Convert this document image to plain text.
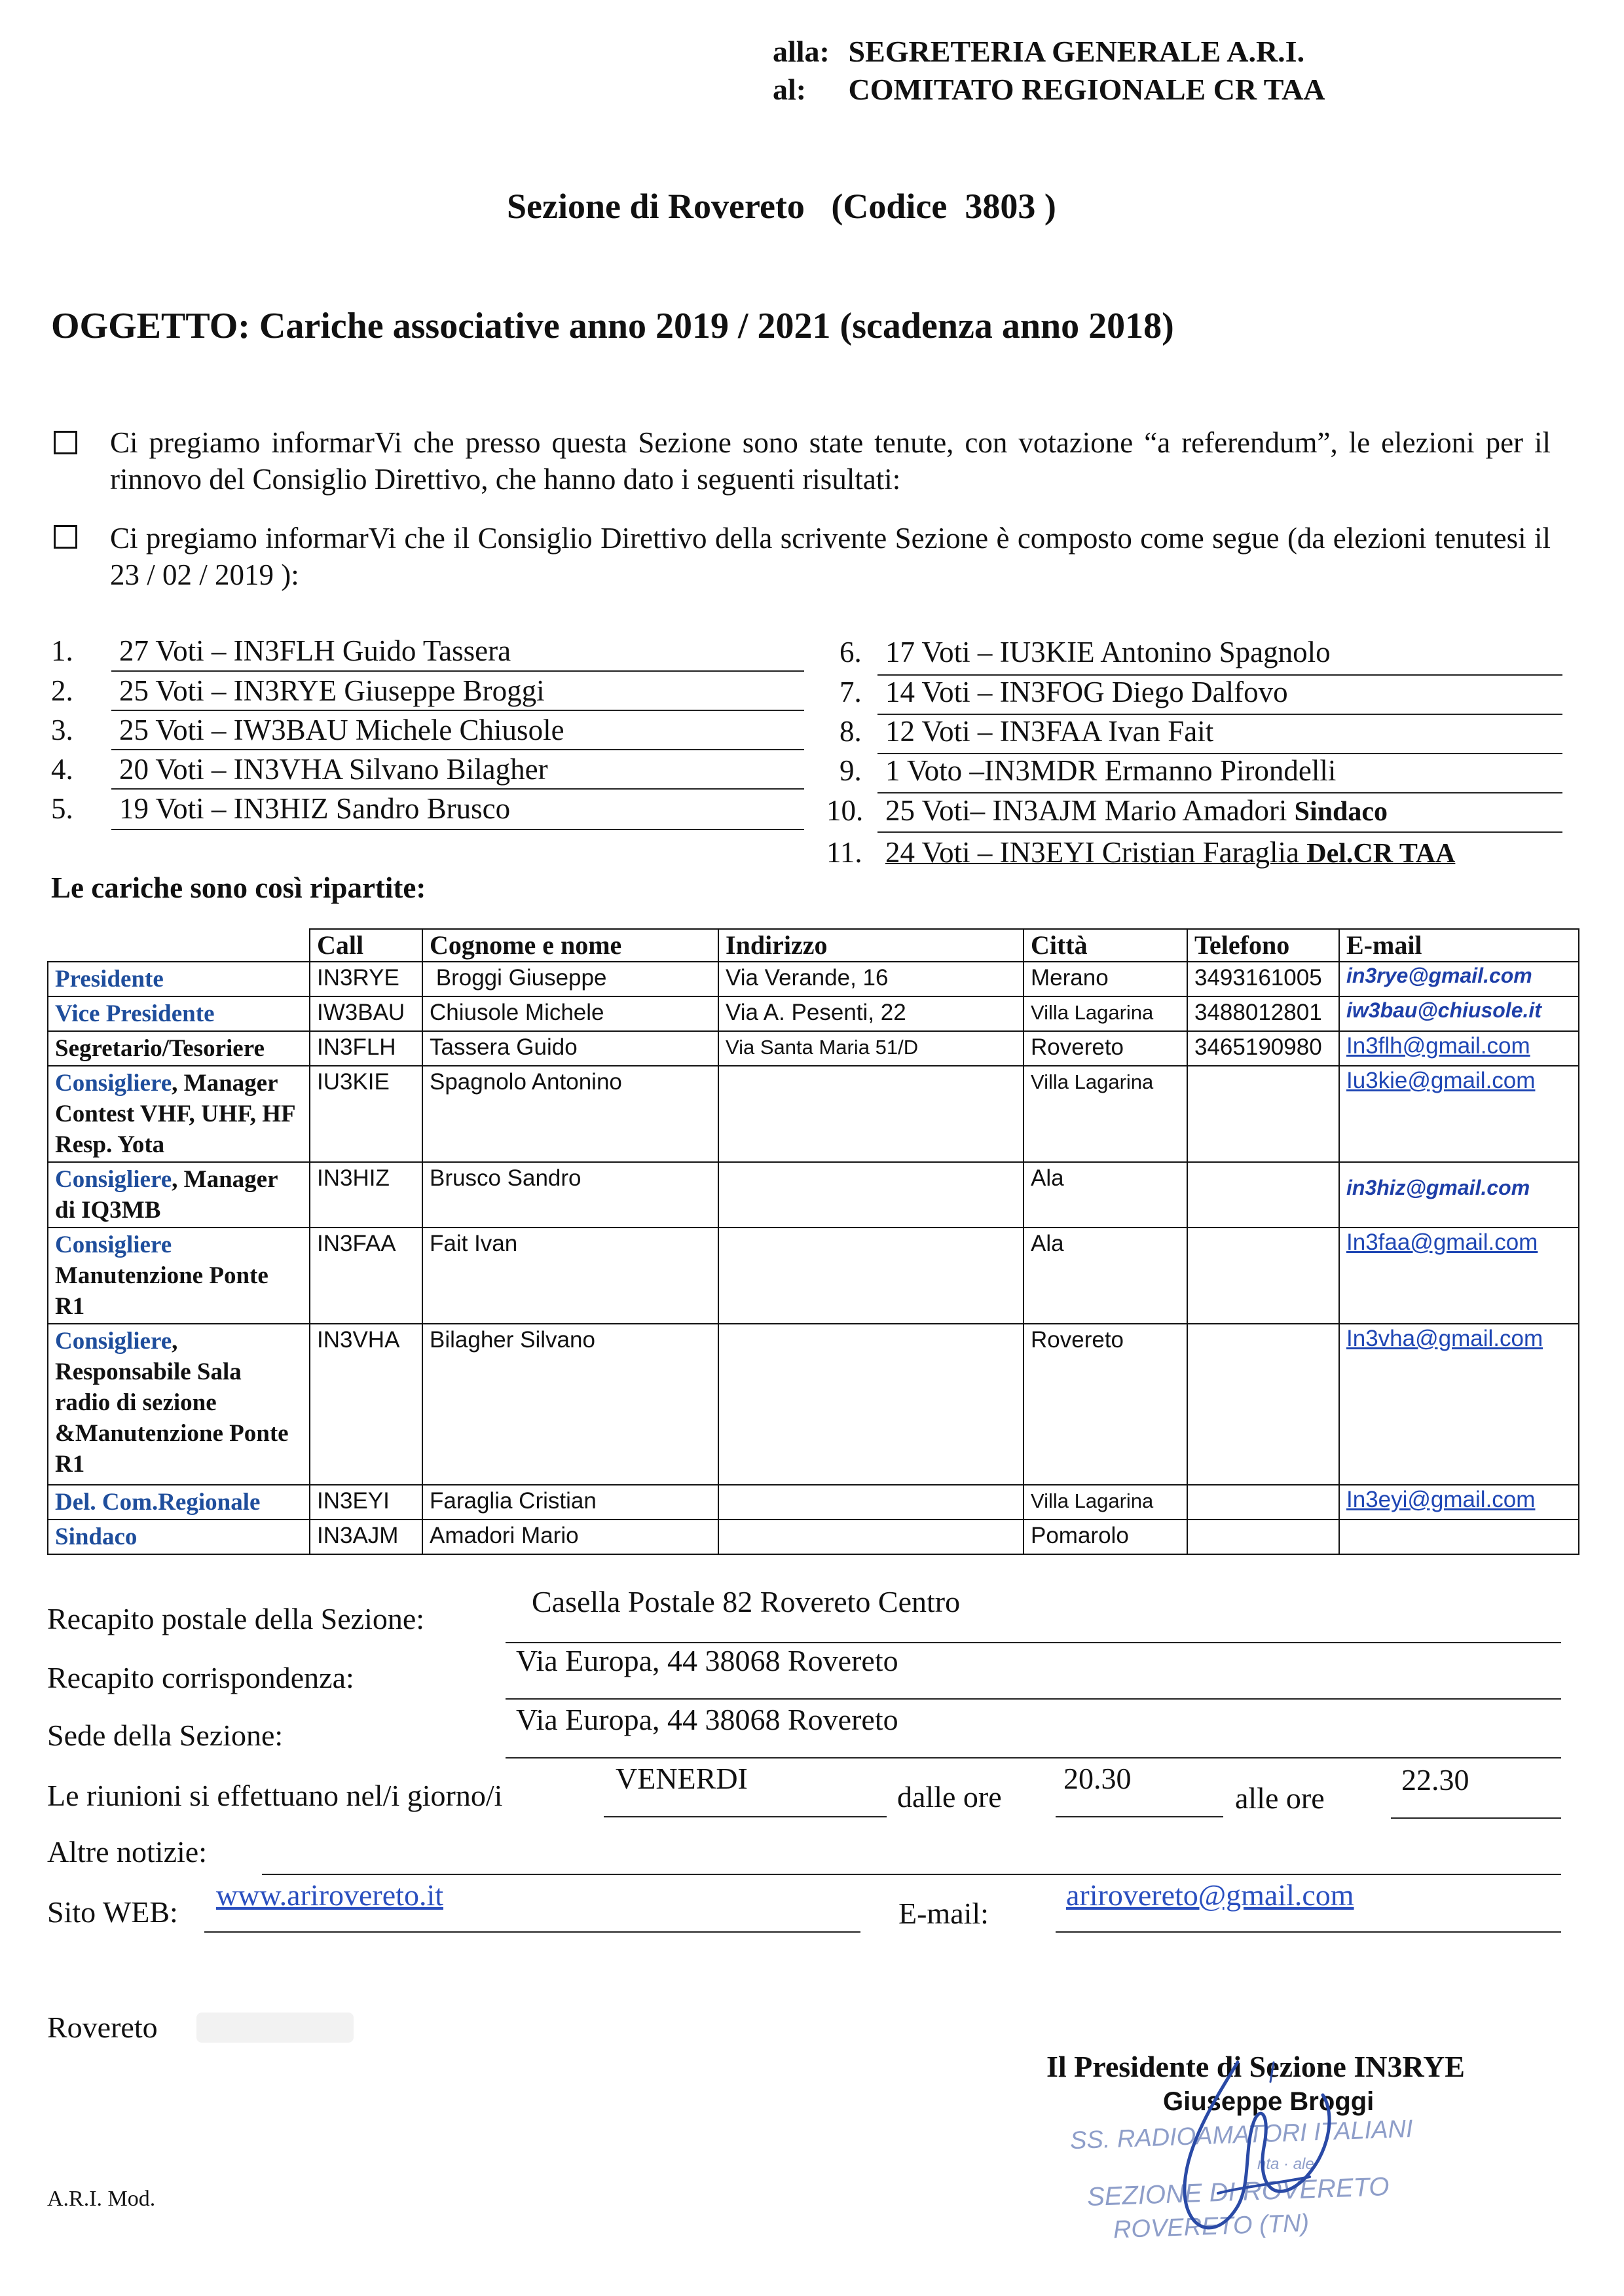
alla: SEGRETERIA GENERALE A.R.I.
al: COMITATO REGIONALE CR TAA
Sezione di Rovereto   (Codice  3803 )
OGGETTO: Cariche associative anno 2019 / 2021 (scadenza anno 2018)
Ci pregiamo informarVi che presso questa Sezione sono state tenute, con votazione “a referendum”, le elezioni per il rinnovo del Consiglio Direttivo, che hanno dato i seguenti risultati:
Ci pregiamo informarVi che il Consiglio Direttivo della scrivente Sezione è composto come segue (da elezioni tenutesi il 23 / 02 / 2019 ):
1. 27 Voti – IN3FLH Guido Tassera
2. 25 Voti – IN3RYE Giuseppe Broggi
3. 25 Voti – IW3BAU Michele Chiusole
4. 20 Voti – IN3VHA Silvano Bilagher
5. 19 Voti – IN3HIZ Sandro Brusco
6. 17 Voti – IU3KIE Antonino Spagnolo
7. 14 Voti – IN3FOG Diego Dalfovo
8. 12 Voti – IN3FAA Ivan Fait
9. 1 Voto –IN3MDR Ermanno Pirondelli
10. 25 Voti– IN3AJM Mario Amadori Sindaco
11. 24 Voti – IN3EYI Cristian Faraglia Del.CR TAA
Le cariche sono così ripartite:
	Call	Cognome e nome	Indirizzo	Città	Telefono	E-mail
Presidente	IN3RYE	Broggi Giuseppe	Via Verande, 16	Merano	3493161005	in3rye@gmail.com
Vice Presidente	IW3BAU	Chiusole Michele	Via A. Pesenti, 22	Villa Lagarina	3488012801	iw3bau@chiusole.it
Segretario/Tesoriere	IN3FLH	Tassera Guido	Via Santa Maria 51/D	Rovereto	3465190980	In3flh@gmail.com
Consigliere, Manager Contest VHF, UHF, HF Resp. Yota	IU3KIE	Spagnolo Antonino		Villa Lagarina		Iu3kie@gmail.com
Consigliere, Manager di IQ3MB	IN3HIZ	Brusco Sandro		Ala		in3hiz@gmail.com
Consigliere Manutenzione Ponte R1	IN3FAA	Fait Ivan		Ala		In3faa@gmail.com
Consigliere, Responsabile Sala radio di sezione &Manutenzione Ponte R1	IN3VHA	Bilagher Silvano		Rovereto		In3vha@gmail.com
Del. Com.Regionale	IN3EYI	Faraglia Cristian		Villa Lagarina		In3eyi@gmail.com
Sindaco	IN3AJM	Amadori Mario		Pomarolo		
Recapito postale della Sezione:
Casella Postale 82 Rovereto Centro
Recapito corrispondenza:
Via Europa, 44 38068 Rovereto
Sede della Sezione:	Via Europa, 44 38068 Rovereto
Le riunioni si effettuano nel/i giorno/i
VENERDI
dalle ore
20.30
alle ore
22.30
Altre notizie:
Sito WEB:
www.arirovereto.it
E-mail:
arirovereto@gmail.com
Rovereto
Il Presidente di Sezione IN3RYE
Giuseppe Broggi
SS. RADIOAMATORI ITALIANI
nta · ale
SEZIONE DI ROVERETO
ROVERETO (TN)
A.R.I. Mod.
